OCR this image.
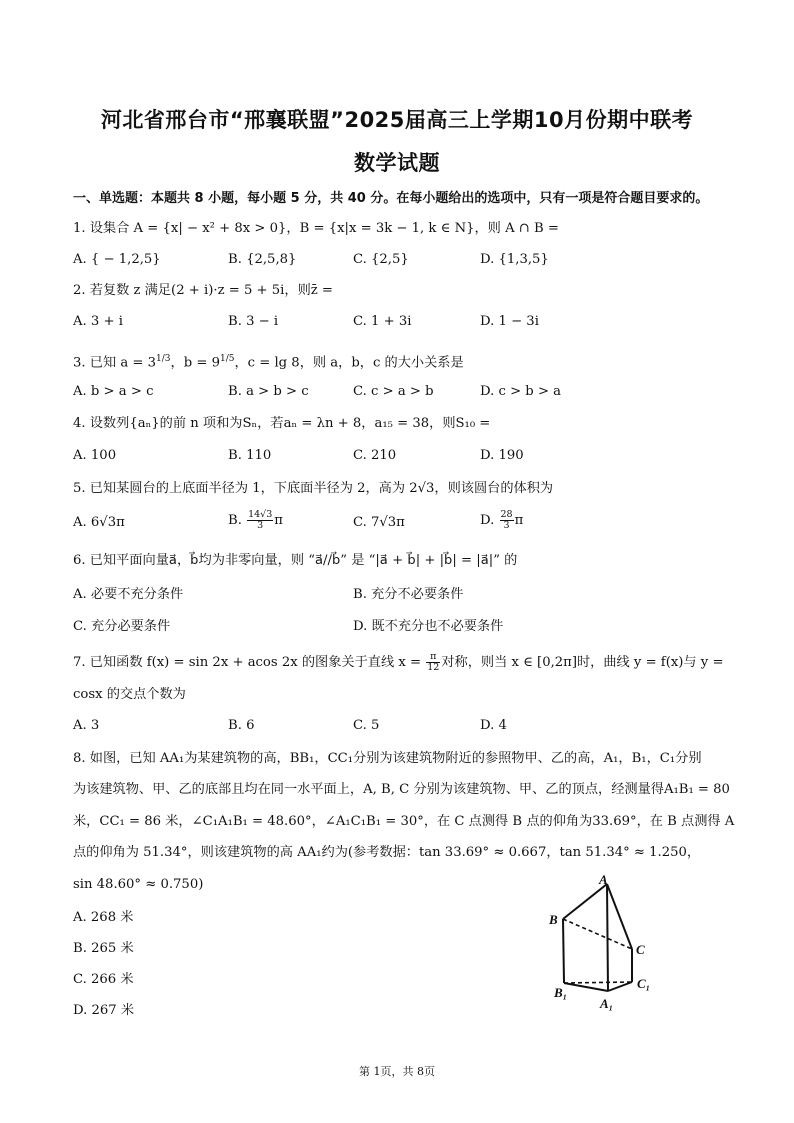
河北省邢台市“邢襄联盟”2025届高三上学期10月份期中联考
数学试题
一、单选题：本题共 8 小题，每小题 5 分，共 40 分。在每小题给出的选项中，只有一项是符合题目要求的。
1. 设集合 A = {x| − x² + 8x > 0}，B = {x|x = 3k − 1, k ∈ N}，则 A ∩ B =
A. { − 1,2,5}	B. {2,5,8}	C. {2,5}	D. {1,3,5}
2. 若复数 z 满足(2 + i)·z = 5 + 5i，则z̄ =
A. 3 + i	B. 3 − i	C. 1 + 3i	D. 1 − 3i
3. 已知 $a = 3^{1/3}$，$b = 9^{1/5}$，c = lg 8，则 a，b，c 的大小关系是
A. b > a > c	B. a > b > c	C. c > a > b	D. c > b > a
4. 设数列{aₙ}的前 n 项和为Sₙ，若aₙ = λn + 8，a₁₅ = 38，则S₁₀ =
A. 100	B. 110	C. 210	D. 190
5. 已知某圆台的上底面半径为 1，下底面半径为 2，高为 2√3，则该圆台的体积为
A. 6√3π	B. $\frac{14√3}{3}$ π	C. 7√3π	D. $\frac{28}{3}$ π
6. 已知平面向量a⃗，b⃗均为非零向量，则 “a⃗//b⃗” 是 “|a⃗ + b⃗| + |b⃗| = |a⃗|” 的
A. 必要不充分条件	B. 充分不必要条件
C. 充分必要条件	D. 既不充分也不必要条件
7. 已知函数 f(x) = sin 2x + acos 2x 的图象关于直线 $x = \frac{\pi}{12}$ 对称，则当 x ∈ [0,2π]时，曲线 y = f(x)与 y =
cosx 的交点个数为
A. 3	B. 6	C. 5	D. 4
8. 如图，已知 AA₁为某建筑物的高，BB₁，CC₁分别为该建筑物附近的参照物甲、乙的高，A₁，B₁，C₁分别
为该建筑物、甲、乙的底部且均在同一水平面上，A, B, C 分别为该建筑物、甲、乙的顶点，经测量得A₁B₁ = 80
米，CC₁ = 86 米，∠C₁A₁B₁ = 48.60°，∠A₁C₁B₁ = 30°，在 C 点测得 B 点的仰角为33.69°，在 B 点测得 A
点的仰角为 51.34°，则该建筑物的高 AA₁约为(参考数据：tan 33.69° ≈ 0.667，tan 51.34° ≈ 1.250，
sin 48.60° ≈ 0.750)
A. 268 米
B. 265 米
C. 266 米
D. 267 米
A
B
C
B₁
A₁
C₁
第 1页，共 8页
